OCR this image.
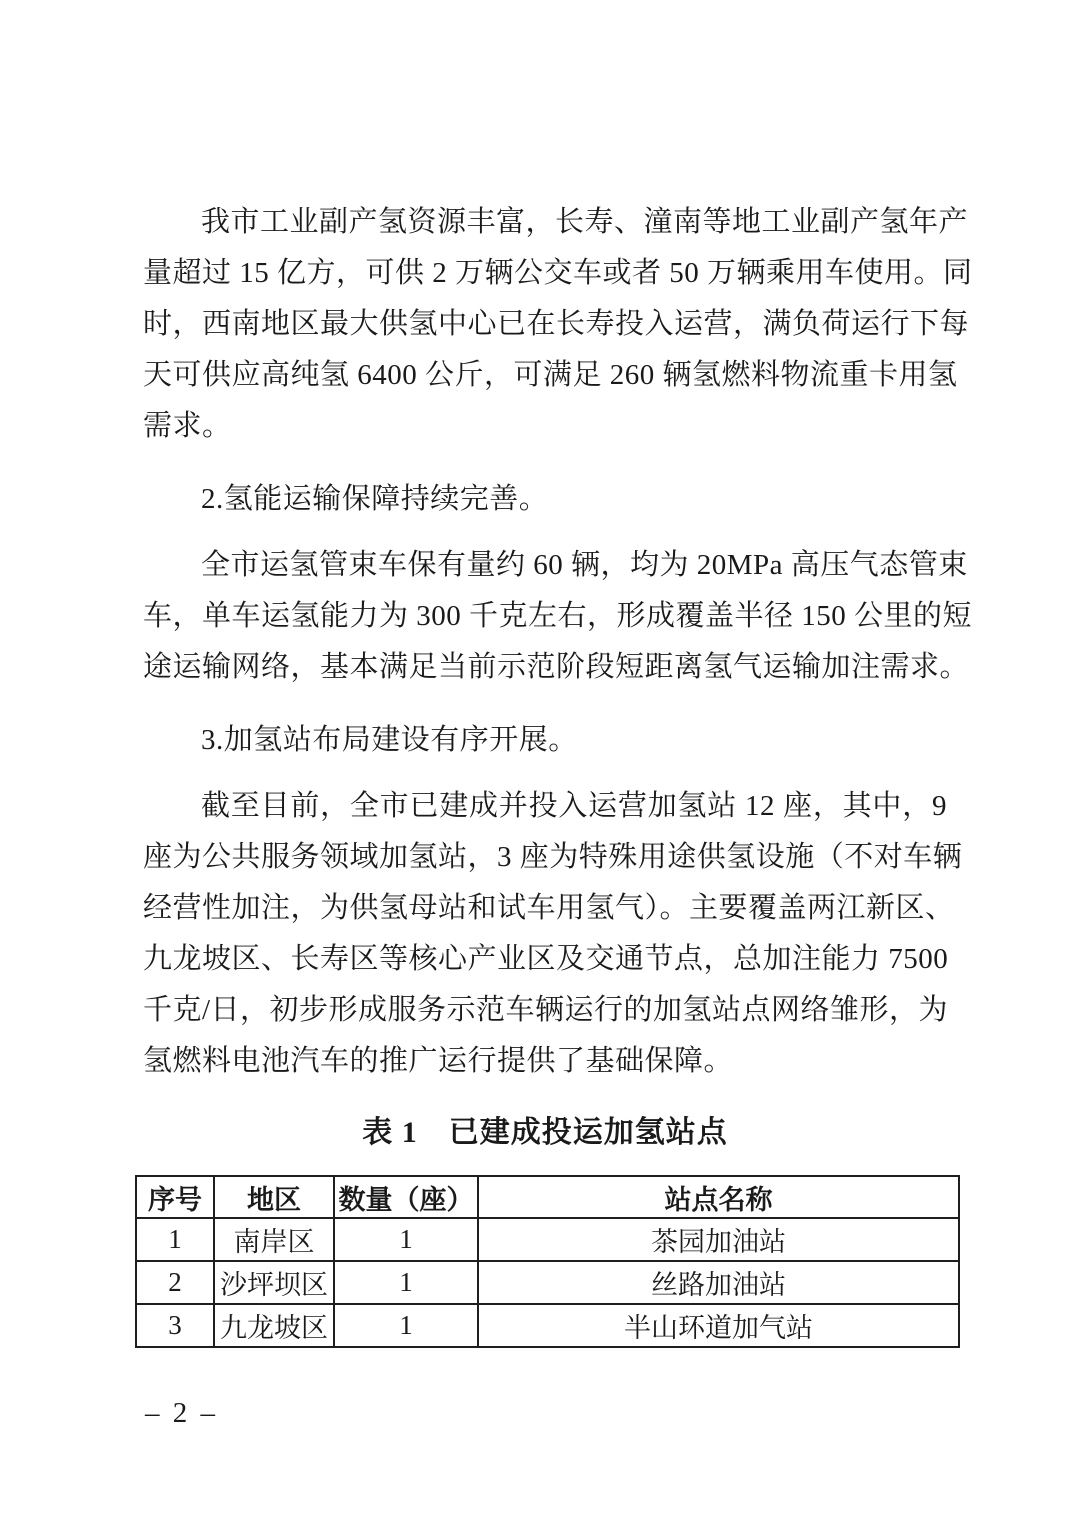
我市工业副产氢资源丰富，长寿、潼南等地工业副产氢年产
量超过 15 亿方，可供 2 万辆公交车或者 50 万辆乘用车使用。同
时，西南地区最大供氢中心已在长寿投入运营，满负荷运行下每
天可供应高纯氢 6400 公斤，可满足 260 辆氢燃料物流重卡用氢
需求。
2.氢能运输保障持续完善。
全市运氢管束车保有量约 60 辆，均为 20MPa 高压气态管束
车，单车运氢能力为 300 千克左右，形成覆盖半径 150 公里的短
途运输网络，基本满足当前示范阶段短距离氢气运输加注需求。
3.加氢站布局建设有序开展。
截至目前，全市已建成并投入运营加氢站 12 座，其中，9
座为公共服务领域加氢站，3 座为特殊用途供氢设施（不对车辆
经营性加注，为供氢母站和试车用氢气）。主要覆盖两江新区、
九龙坡区、长寿区等核心产业区及交通节点，总加注能力 7500
千克/日，初步形成服务示范车辆运行的加氢站点网络雏形，为
氢燃料电池汽车的推广运行提供了基础保障。
表 1　已建成投运加氢站点
序号	地区	数量（座）	站点名称
1	南岸区	1	茶园加油站
2	沙坪坝区	1	丝路加油站
3	九龙坡区	1	半山环道加气站
– 2 –
